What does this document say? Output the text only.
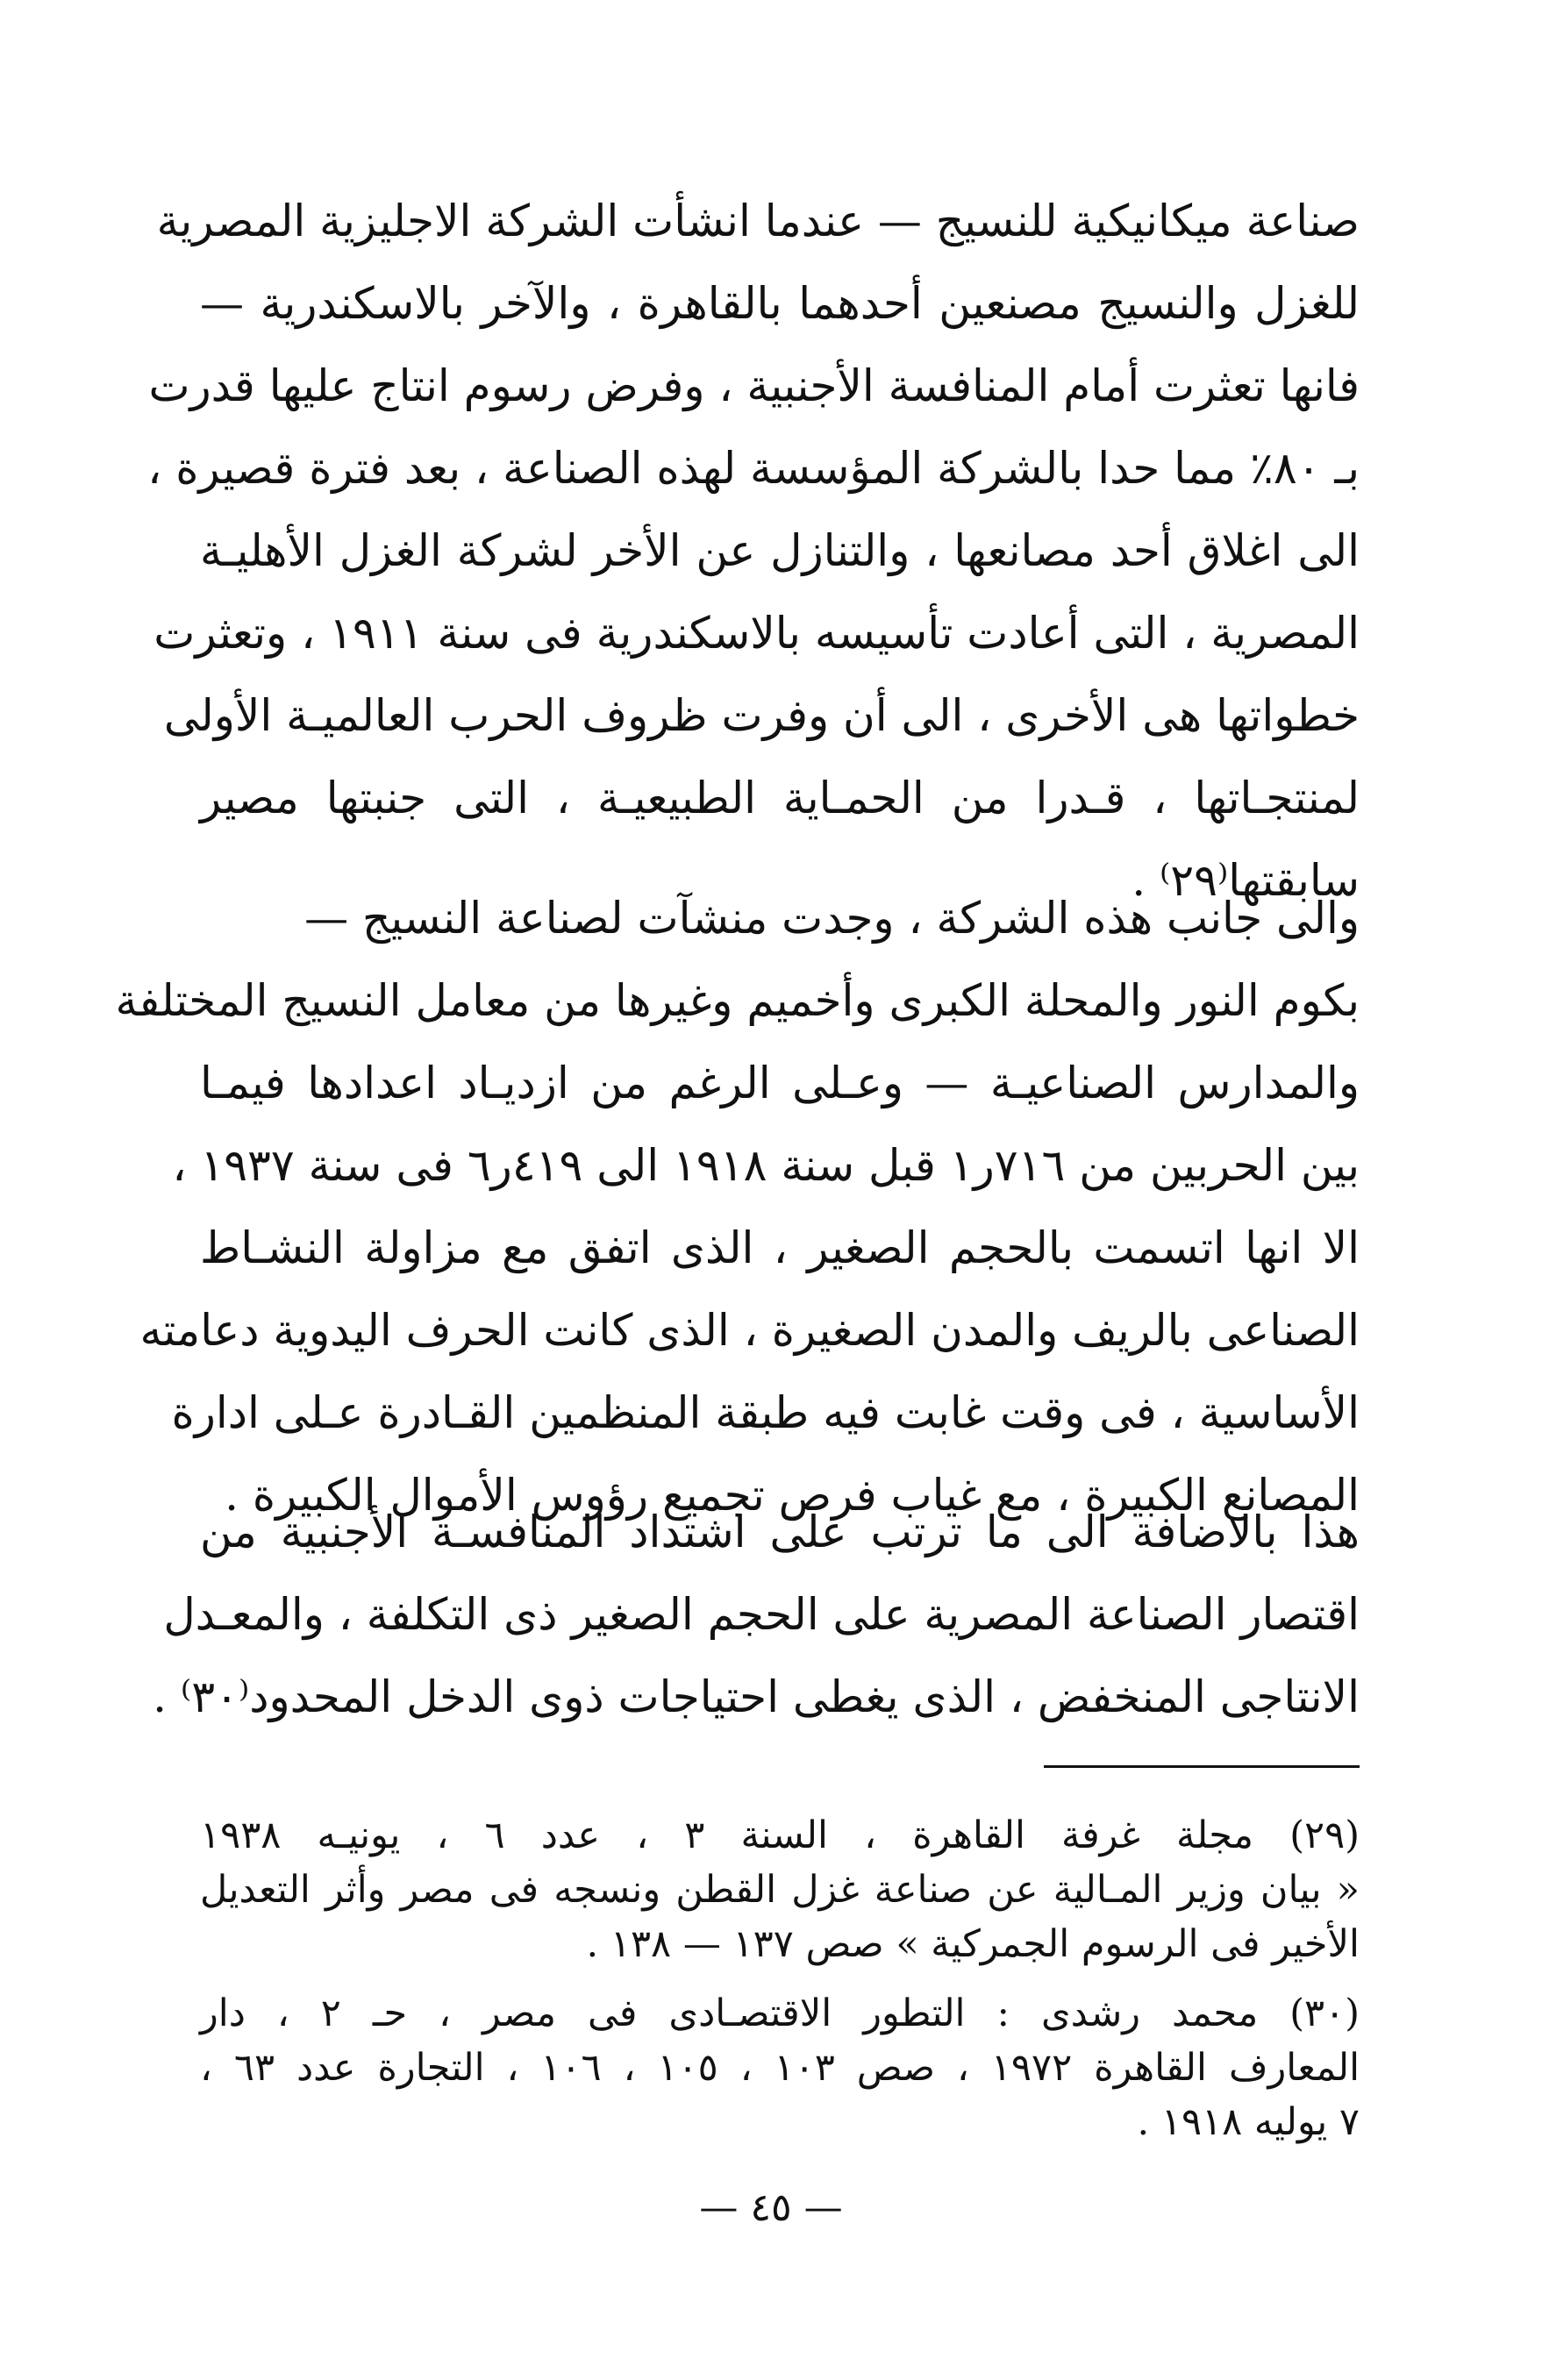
صناعة ميكانيكية للنسيج — عندما انشأت الشركة الاجليزية المصرية
للغزل والنسيج مصنعين أحدهما بالقاهرة ، والآخر بالاسكندرية —
فانها تعثرت أمام المنافسة الأجنبية ، وفرض رسوم انتاج عليها قدرت
بـ ٨٠٪ مما حدا بالشركة المؤسسة لهذه الصناعة ، بعد فترة قصيرة ،
الى اغلاق أحد مصانعها ، والتنازل عن الأخر لشركة الغزل الأهليـة
المصرية ، التى أعادت تأسيسه بالاسكندرية فى سنة ١٩١١ ، وتعثرت
خطواتها هى الأخرى ، الى أن وفرت ظروف الحرب العالميـة الأولى
لمنتجـاتها ، قـدرا من الحمـاية الطبيعيـة ، التى جنبتها مصير
سابقتها⁽٢٩⁾ .
والى جانب هذه الشركة ، وجدت منشآت لصناعة النسيج —
بكوم النور والمحلة الكبرى وأخميم وغيرها من معامل النسيج المختلفة
والمدارس الصناعيـة — وعـلى الرغم من ازديـاد اعدادها فيمـا
بين الحربين من ٧١٦ر١ قبل سنة ١٩١٨ الى ٤١٩ر٦ فى سنة ١٩٣٧ ،
الا انها اتسمت بالحجم الصغير ، الذى اتفق مع مزاولة النشـاط
الصناعى بالريف والمدن الصغيرة ، الذى كانت الحرف اليدوية دعامته
الأساسية ، فى وقت غابت فيه طبقة المنظمين القـادرة عـلى ادارة
المصانع الكبيرة ، مع غياب فرص تجميع رؤوس الأموال الكبيرة .
هذا بالاضافة الى ما ترتب على اشتداد المنافسـة الأجنبية من
اقتصار الصناعة المصرية على الحجم الصغير ذى التكلفة ، والمعـدل
الانتاجى المنخفض ، الذى يغطى احتياجات ذوى الدخل المحدود⁽٣٠⁾ .
(٢٩) مجلة غرفة القاهرة ، السنة ٣ ، عدد ٦ ، يونيـه ١٩٣٨
« بيان وزير المـالية عن صناعة غزل القطن ونسجه فى مصر وأثر التعديل
الأخير فى الرسوم الجمركية » صص ١٣٧ — ١٣٨ .
(٣٠) محمد رشدى : التطور الاقتصـادى فى مصر ، حـ ٢ ، دار
المعارف القاهرة ١٩٧٢ ، صص ١٠٣ ، ١٠٥ ، ١٠٦ ، التجارة عدد ٦٣ ،
٧ يوليه ١٩١٨ .
— ٤٥ —
